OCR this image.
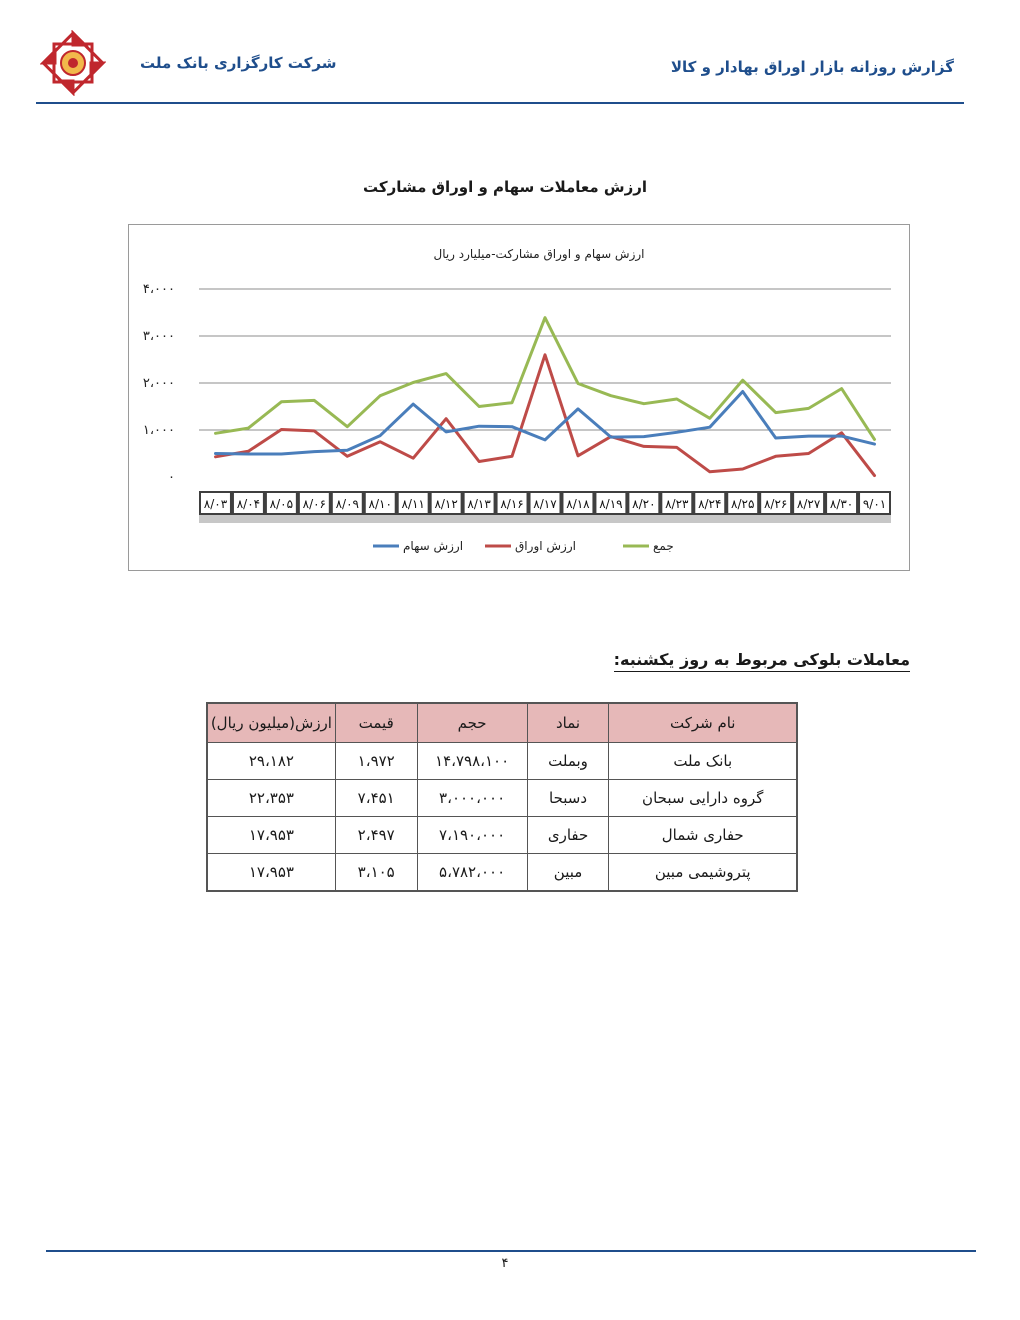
شرکت کارگزاری بانک ملت	گزارش روزانه بازار اوراق بهادار و کالا
ارزش معاملات سهام و اوراق مشارکت
ارزش سهام و اوراق مشارکت-میلیارد ریال
۴،۰۰۰
۳،۰۰۰
۲،۰۰۰
۱،۰۰۰
۰
۸/۰۳ ۸/۰۴ ۸/۰۵ ۸/۰۶ ۸/۰۹ ۸/۱۰ ۸/۱۱ ۸/۱۲ ۸/۱۳ ۸/۱۶ ۸/۱۷ ۸/۱۸ ۸/۱۹ ۸/۲۰ ۸/۲۳ ۸/۲۴ ۸/۲۵ ۸/۲۶ ۸/۲۷ ۸/۳۰ ۹/۰۱
ارزش سهام	ارزش اوراق	جمع
معاملات بلوکی مربوط به روز یکشنبه:
نام شرکت	نماد	حجم	قیمت	ارزش(میلیون ریال)
بانک ملت	وبملت	۱۴،۷۹۸،۱۰۰	۱،۹۷۲	۲۹،۱۸۲
گروه دارایی سبحان	دسبحا	۳،۰۰۰،۰۰۰	۷،۴۵۱	۲۲،۳۵۳
حفاری شمال	حفاری	۷،۱۹۰،۰۰۰	۲،۴۹۷	۱۷،۹۵۳
پتروشیمی مبین	مبین	۵،۷۸۲،۰۰۰	۳،۱۰۵	۱۷،۹۵۳
۴
